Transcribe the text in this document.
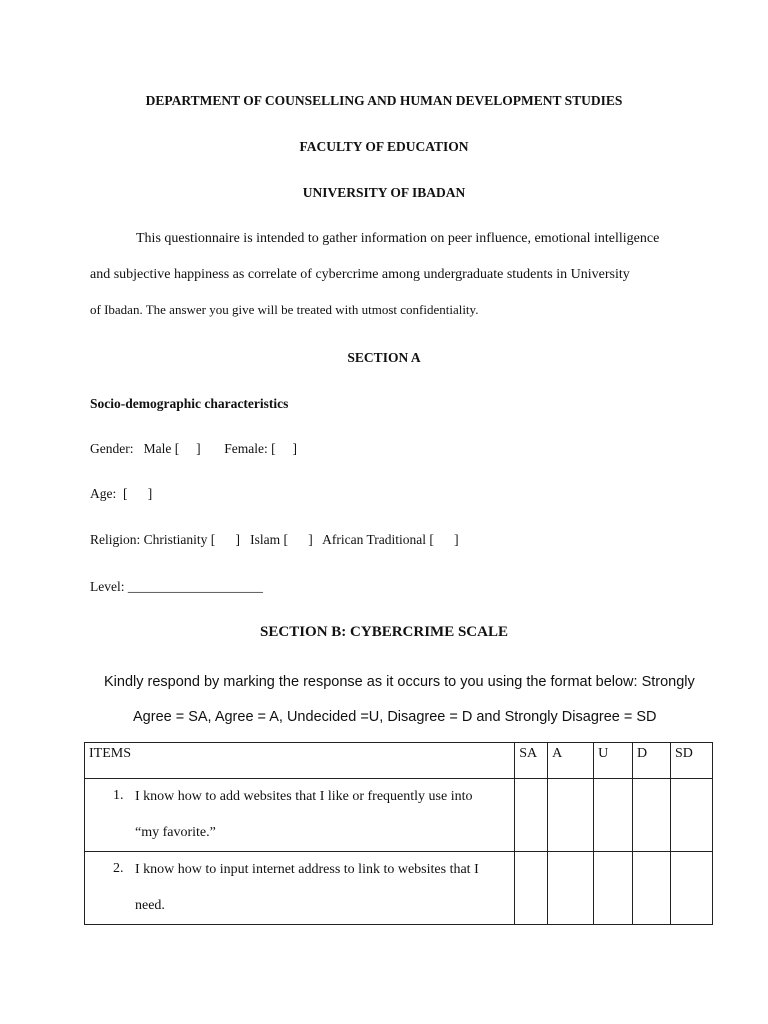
DEPARTMENT OF COUNSELLING AND HUMAN DEVELOPMENT STUDIES
FACULTY OF EDUCATION
UNIVERSITY OF IBADAN
This questionnaire is intended to gather information on peer influence, emotional intelligence
and subjective happiness as correlate of cybercrime among undergraduate students in University
of Ibadan. The answer you give will be treated with utmost confidentiality.
SECTION A
Socio-demographic characteristics
Gender:   Male [     ]       Female: [     ]
Age:  [      ]
Religion: Christianity [      ]   Islam [      ]   African Traditional [      ]
Level: ____________________
SECTION B: CYBERCRIME SCALE
Kindly respond by marking the response as it occurs to you using the format below: Strongly
Agree = SA, Agree = A, Undecided =U, Disagree = D and Strongly Disagree = SD
ITEMS	SA	A	U	D	SD

1. I know how to add websites that I like or frequently use into
“my favorite.”					

2. I know how to input internet address to link to websites that I
need.					
